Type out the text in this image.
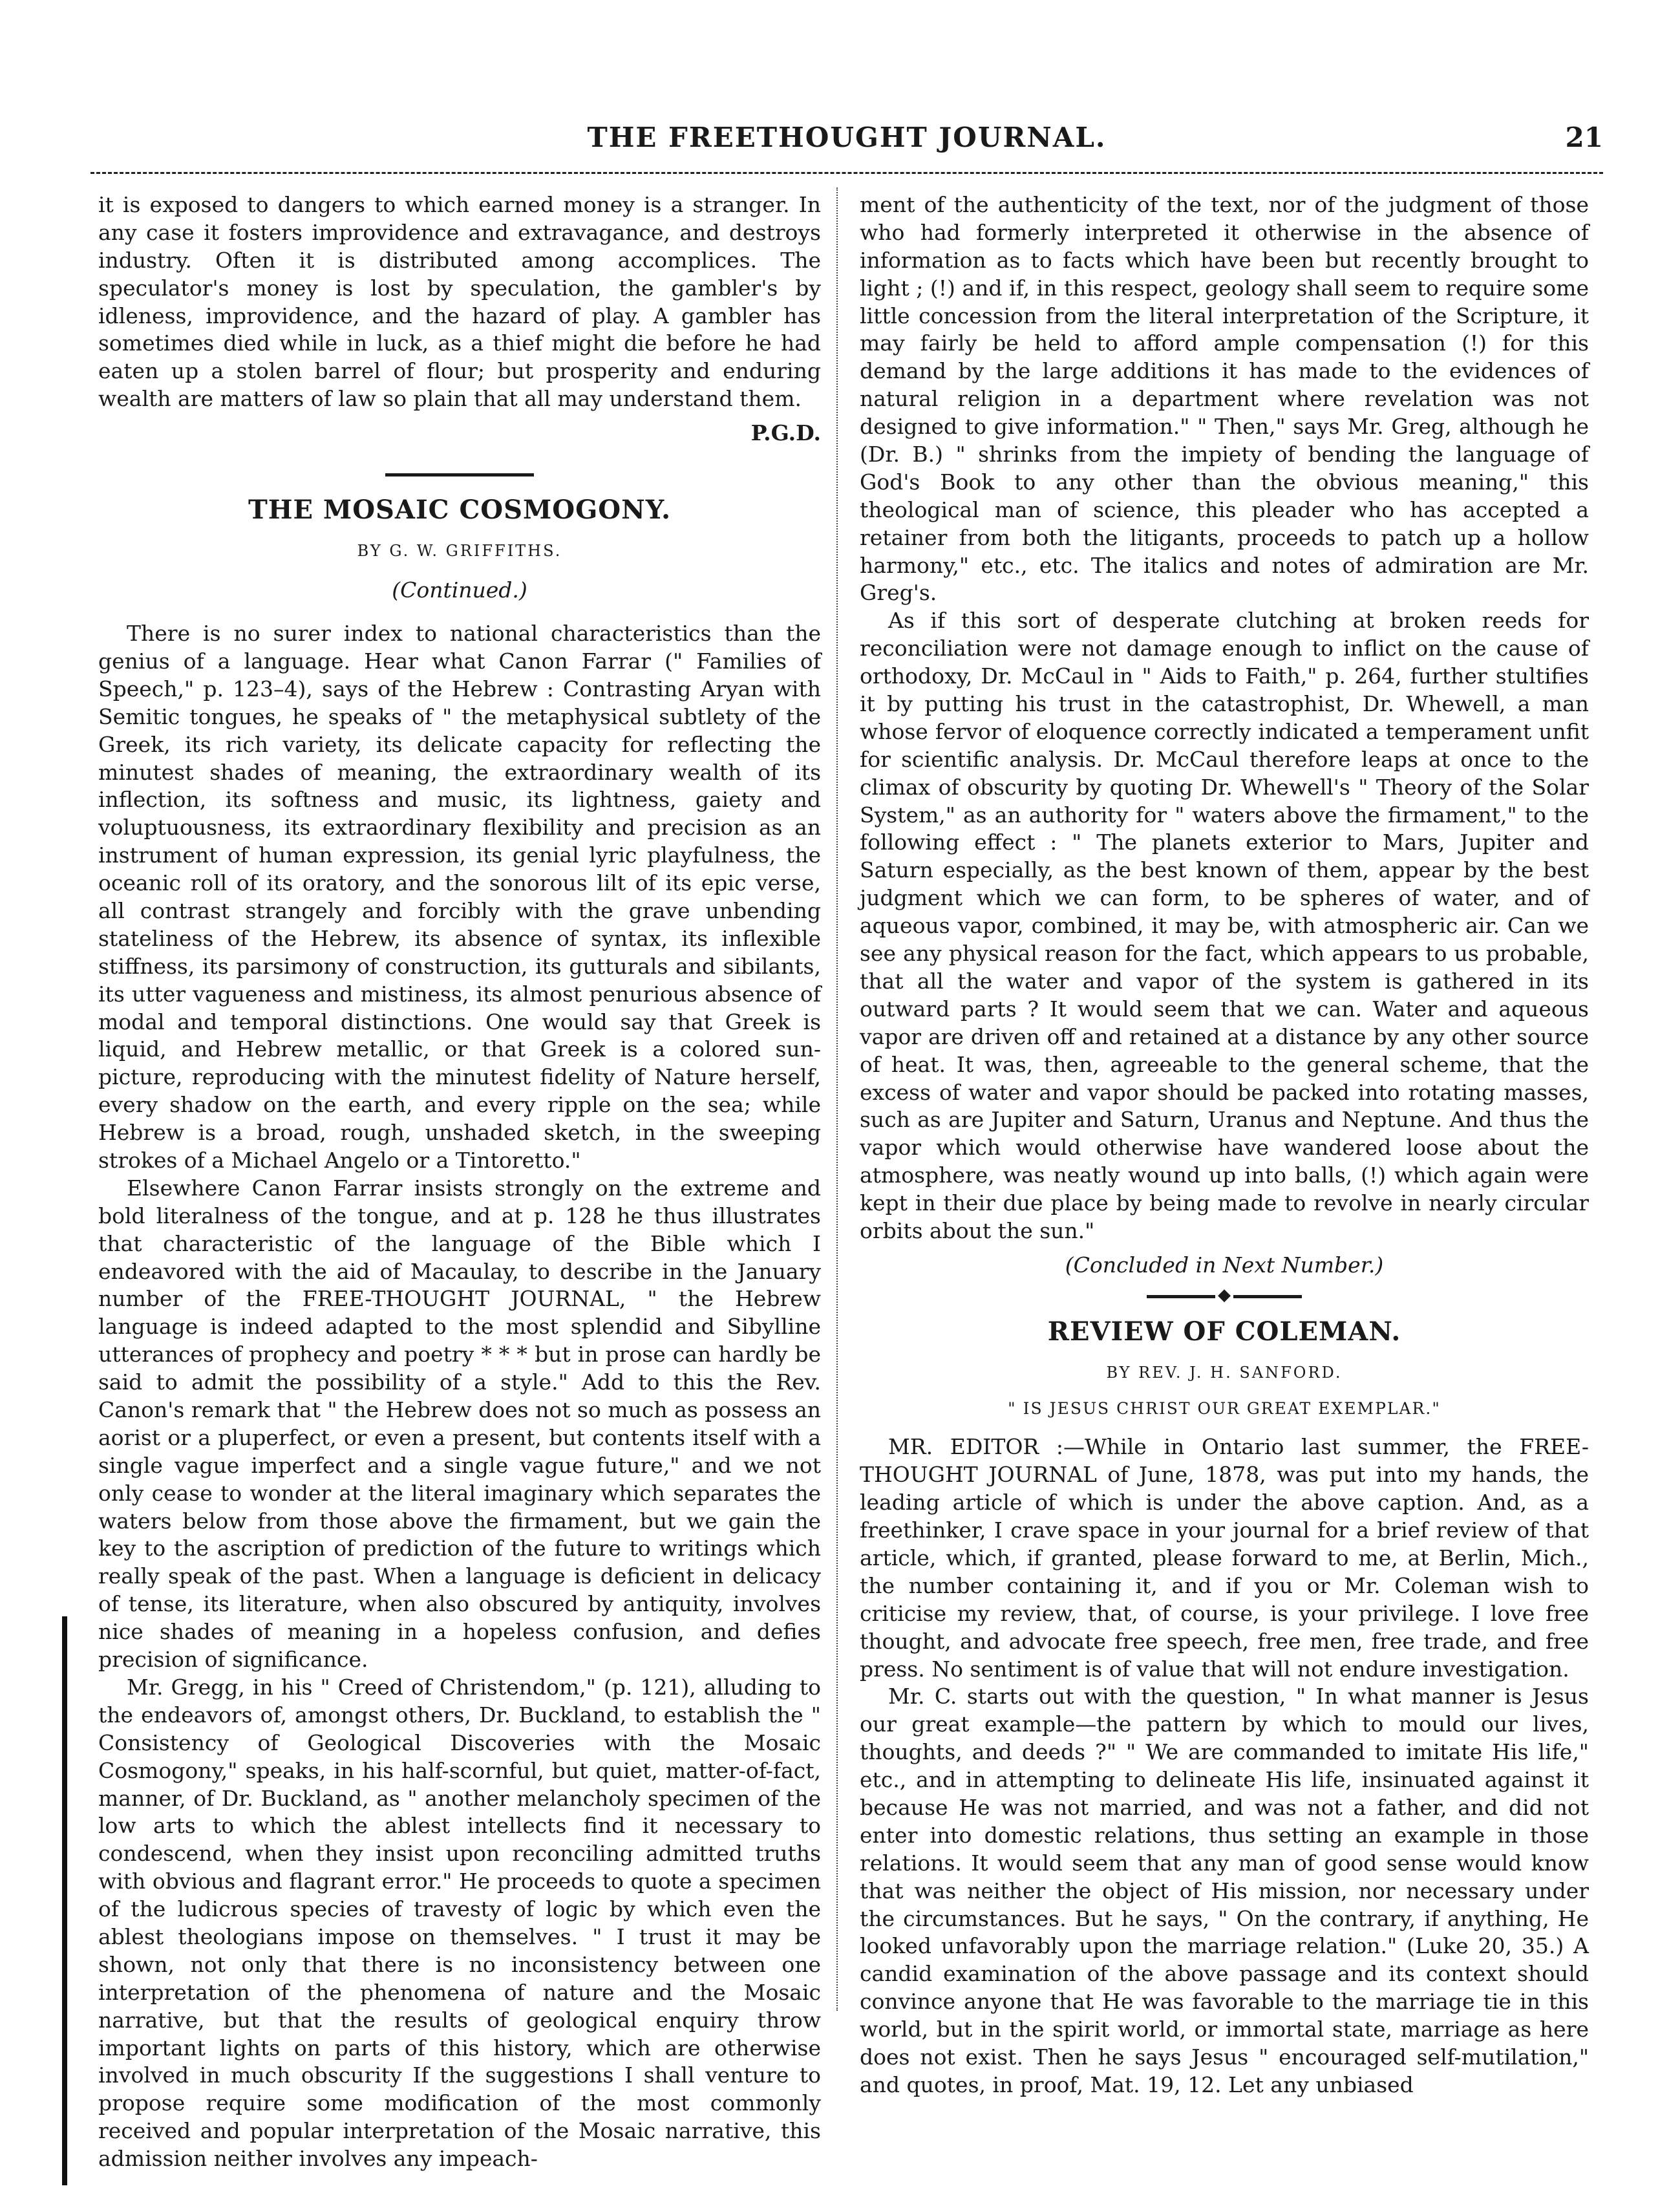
THE FREETHOUGHT JOURNAL.	21

it is exposed to dangers to which earned money is a stranger. In any case it fosters improvidence and extravagance, and destroys industry. Often it is distributed among accomplices. The speculator's money is lost by speculation, the gambler's by idleness, improvidence, and the hazard of play. A gambler has sometimes died while in luck, as a thief might die before he had eaten up a stolen barrel of flour; but prosperity and enduring wealth are matters of law so plain that all may understand them.

P.G.D.
THE MOSAIC COSMOGONY.
BY G. W. GRIFFITHS.
(Continued.)

There is no surer index to national characteristics than the genius of a language. Hear what Canon Farrar (" Families of Speech," p. 123–4), says of the Hebrew : Contrasting Aryan with Semitic tongues, he speaks of " the metaphysical subtlety of the Greek, its rich variety, its delicate capacity for reflecting the minutest shades of meaning, the extraordinary wealth of its inflection, its softness and music, its lightness, gaiety and voluptuousness, its extraordinary flexibility and precision as an instrument of human expression, its genial lyric playfulness, the oceanic roll of its oratory, and the sonorous lilt of its epic verse, all contrast strangely and forcibly with the grave unbending stateliness of the Hebrew, its absence of syntax, its inflexible stiffness, its parsimony of construction, its gutturals and sibilants, its utter vagueness and mistiness, its almost penurious absence of modal and temporal distinctions. One would say that Greek is liquid, and Hebrew metallic, or that Greek is a colored sun-picture, reproducing with the minutest fidelity of Nature herself, every shadow on the earth, and every ripple on the sea; while Hebrew is a broad, rough, unshaded sketch, in the sweeping strokes of a Michael Angelo or a Tintoretto."

Elsewhere Canon Farrar insists strongly on the extreme and bold literalness of the tongue, and at p. 128 he thus illustrates that characteristic of the language of the Bible which I endeavored with the aid of Macaulay, to describe in the January number of the FREE-THOUGHT JOURNAL, " the Hebrew language is indeed adapted to the most splendid and Sibylline utterances of prophecy and poetry * * * but in prose can hardly be said to admit the possibility of a style." Add to this the Rev. Canon's remark that " the Hebrew does not so much as possess an aorist or a pluperfect, or even a present, but contents itself with a single vague imperfect and a single vague future," and we not only cease to wonder at the literal imaginary which separates the waters below from those above the firmament, but we gain the key to the ascription of prediction of the future to writings which really speak of the past. When a language is deficient in delicacy of tense, its literature, when also obscured by antiquity, involves nice shades of meaning in a hopeless confusion, and defies precision of significance.

Mr. Gregg, in his " Creed of Christendom," (p. 121), alluding to the endeavors of, amongst others, Dr. Buckland, to establish the " Consistency of Geological Discoveries with the Mosaic Cosmogony," speaks, in his half-scornful, but quiet, matter-of-fact, manner, of Dr. Buckland, as " another melancholy specimen of the low arts to which the ablest intellects find it necessary to condescend, when they insist upon reconciling admitted truths with obvious and flagrant error." He proceeds to quote a specimen of the ludicrous species of travesty of logic by which even the ablest theologians impose on themselves. " I trust it may be shown, not only that there is no inconsistency between one interpretation of the phenomena of nature and the Mosaic narrative, but that the results of geological enquiry throw important lights on parts of this history, which are otherwise involved in much obscurity If the suggestions I shall venture to propose require some modification of the most commonly received and popular interpretation of the Mosaic narrative, this admission neither involves any impeach-

ment of the authenticity of the text, nor of the judgment of those who had formerly interpreted it otherwise in the absence of information as to facts which have been but recently brought to light ; (!) and if, in this respect, geology shall seem to require some little concession from the literal interpretation of the Scripture, it may fairly be held to afford ample compensation (!) for this demand by the large additions it has made to the evidences of natural religion in a department where revelation was not designed to give information." " Then," says Mr. Greg, although he (Dr. B.) " shrinks from the impiety of bending the language of God's Book to any other than the obvious meaning," this theological man of science, this pleader who has accepted a retainer from both the litigants, proceeds to patch up a hollow harmony," etc., etc. The italics and notes of admiration are Mr. Greg's.

As if this sort of desperate clutching at broken reeds for reconciliation were not damage enough to inflict on the cause of orthodoxy, Dr. McCaul in " Aids to Faith," p. 264, further stultifies it by putting his trust in the catastrophist, Dr. Whewell, a man whose fervor of eloquence correctly indicated a temperament unfit for scientific analysis. Dr. McCaul therefore leaps at once to the climax of obscurity by quoting Dr. Whewell's " Theory of the Solar System," as an authority for " waters above the firmament," to the following effect : " The planets exterior to Mars, Jupiter and Saturn especially, as the best known of them, appear by the best judgment which we can form, to be spheres of water, and of aqueous vapor, combined, it may be, with atmospheric air. Can we see any physical reason for the fact, which appears to us probable, that all the water and vapor of the system is gathered in its outward parts ? It would seem that we can. Water and aqueous vapor are driven off and retained at a distance by any other source of heat. It was, then, agreeable to the general scheme, that the excess of water and vapor should be packed into rotating masses, such as are Jupiter and Saturn, Uranus and Neptune. And thus the vapor which would otherwise have wandered loose about the atmosphere, was neatly wound up into balls, (!) which again were kept in their due place by being made to revolve in nearly circular orbits about the sun."

(Concluded in Next Number.)
◆
REVIEW OF COLEMAN.
BY REV. J. H. SANFORD.
" IS JESUS CHRIST OUR GREAT EXEMPLAR."

MR. EDITOR :—While in Ontario last summer, the FREE-THOUGHT JOURNAL of June, 1878, was put into my hands, the leading article of which is under the above caption. And, as a freethinker, I crave space in your journal for a brief review of that article, which, if granted, please forward to me, at Berlin, Mich., the number containing it, and if you or Mr. Coleman wish to criticise my review, that, of course, is your privilege. I love free thought, and advocate free speech, free men, free trade, and free press. No sentiment is of value that will not endure investigation.

Mr. C. starts out with the question, " In what manner is Jesus our great example—the pattern by which to mould our lives, thoughts, and deeds ?" " We are commanded to imitate His life," etc., and in attempting to delineate His life, insinuated against it because He was not married, and was not a father, and did not enter into domestic relations, thus setting an example in those relations. It would seem that any man of good sense would know that was neither the object of His mission, nor necessary under the circumstances. But he says, " On the contrary, if anything, He looked unfavorably upon the marriage relation." (Luke 20, 35.) A candid examination of the above passage and its context should convince anyone that He was favorable to the marriage tie in this world, but in the spirit world, or immortal state, marriage as here does not exist. Then he says Jesus " encouraged self-mutilation," and quotes, in proof, Mat. 19, 12. Let any unbiased
